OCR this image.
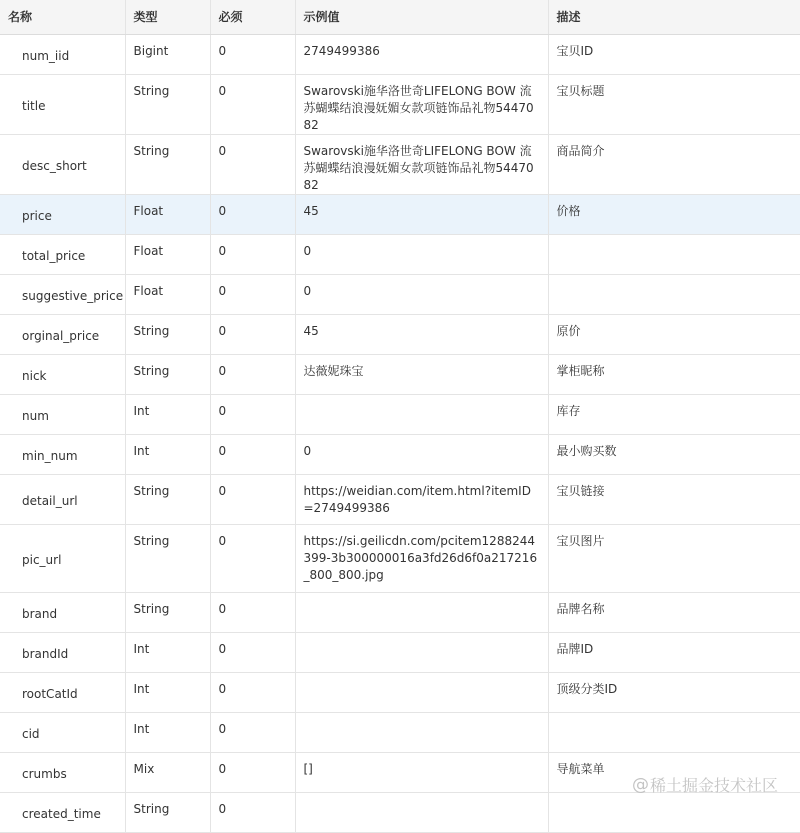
名称	类型	必须	示例值	描述
num_iid	Bigint	0	2749499386	宝贝ID
title	String	0	Swarovski施华洛世奇LIFELONG BOW 流苏蝴蝶结浪漫妩媚女款项链饰品礼物5447082	宝贝标题
desc_short	String	0	Swarovski施华洛世奇LIFELONG BOW 流苏蝴蝶结浪漫妩媚女款项链饰品礼物5447082	商品简介
price	Float	0	45	价格
total_price	Float	0	0	
suggestive_price	Float	0	0	
orginal_price	String	0	45	原价
nick	String	0	达薇妮珠宝	掌柜昵称
num	Int	0		库存
min_num	Int	0	0	最小购买数
detail_url	String	0	https://weidian.com/item.html?itemID=2749499386	宝贝链接
pic_url	String	0	https://si.geilicdn.com/pcitem1288244399-3b300000016a3fd26d6f0a217216_800_800.jpg	宝贝图片
brand	String	0		品牌名称
brandId	Int	0		品牌ID
rootCatId	Int	0		顶级分类ID
cid	Int	0		
crumbs	Mix	0	[]	导航菜单
created_time	String	0		
@ 稀土掘金技术社区
